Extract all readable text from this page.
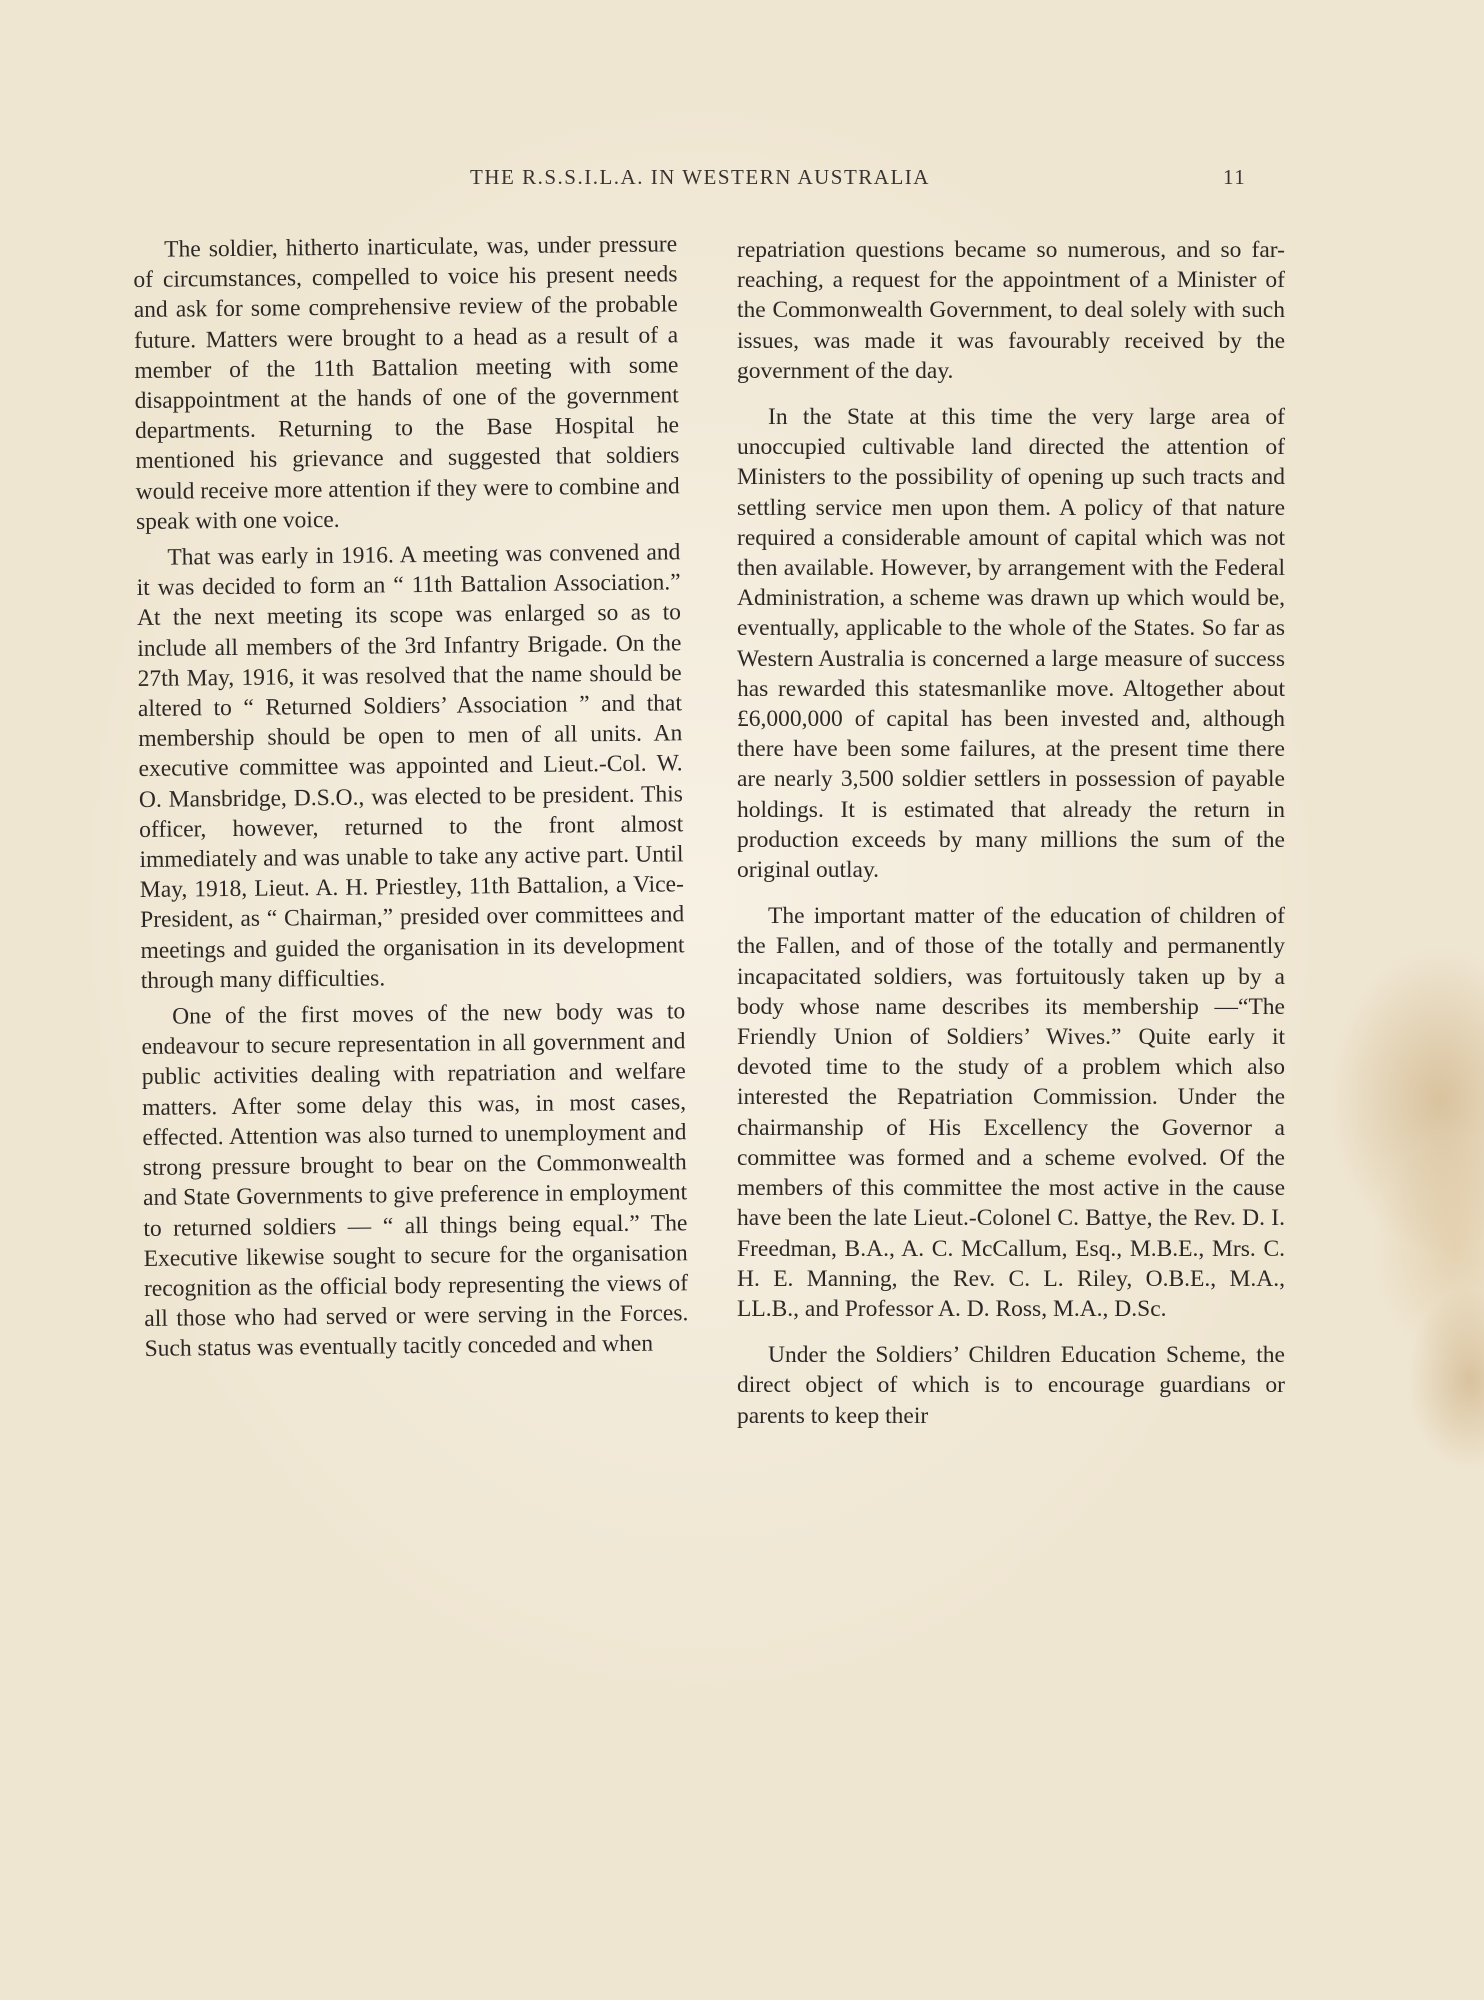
THE R.S.S.I.L.A. IN WESTERN AUSTRALIA	11

The soldier, hitherto inarticulate, was, under pressure of circumstances, compelled to voice his present needs and ask for some comprehensive review of the probable future. Matters were brought to a head as a result of a member of the 11th Battalion meeting with some disappointment at the hands of one of the government departments. Returning to the Base Hospital he mentioned his grievance and suggested that soldiers would receive more attention if they were to combine and speak with one voice.

That was early in 1916. A meeting was convened and it was decided to form an “ 11th Battalion Association.” At the next meeting its scope was enlarged so as to include all members of the 3rd Infantry Brigade. On the 27th May, 1916, it was resolved that the name should be altered to “ Returned Soldiers’ Association ” and that membership should be open to men of all units. An executive committee was appointed and Lieut.-Col. W. O. Mansbridge, D.S.O., was elected to be president. This officer, however, returned to the front almost immediately and was unable to take any active part. Until May, 1918, Lieut. A. H. Priestley, 11th Battalion, a Vice-President, as “ Chairman,” presided over committees and meetings and guided the organisation in its development through many difficulties.

One of the first moves of the new body was to endeavour to secure representation in all government and public activities dealing with repatriation and welfare matters. After some delay this was, in most cases, effected. Attention was also turned to unemployment and strong pressure brought to bear on the Commonwealth and State Governments to give preference in employment to returned soldiers — “ all things being equal.” The Executive likewise sought to secure for the organisation recognition as the official body representing the views of all those who had served or were serving in the Forces. Such status was eventually tacitly conceded and when

repatriation questions became so numerous, and so far-reaching, a request for the appointment of a Minister of the Commonwealth Government, to deal solely with such issues, was made it was favourably received by the government of the day.

In the State at this time the very large area of unoccupied cultivable land directed the attention of Ministers to the possibility of opening up such tracts and settling service men upon them. A policy of that nature required a considerable amount of capital which was not then available. However, by arrangement with the Federal Administration, a scheme was drawn up which would be, eventually, applicable to the whole of the States. So far as Western Australia is concerned a large measure of success has rewarded this statesmanlike move. Altogether about £6,000,000 of capital has been invested and, although there have been some failures, at the present time there are nearly 3,500 soldier settlers in possession of payable holdings. It is estimated that already the return in production exceeds by many millions the sum of the original outlay.

The important matter of the education of children of the Fallen, and of those of the totally and permanently incapacitated soldiers, was fortuitously taken up by a body whose name describes its membership —“The Friendly Union of Soldiers’ Wives.” Quite early it devoted time to the study of a problem which also interested the Repatriation Commission. Under the chairmanship of His Excellency the Governor a committee was formed and a scheme evolved. Of the members of this committee the most active in the cause have been the late Lieut.-Colonel C. Battye, the Rev. D. I. Freedman, B.A., A. C. McCallum, Esq., M.B.E., Mrs. C. H. E. Manning, the Rev. C. L. Riley, O.B.E., M.A., LL.B., and Professor A. D. Ross, M.A., D.Sc.

Under the Soldiers’ Children Education Scheme, the direct object of which is to encourage guardians or parents to keep their
